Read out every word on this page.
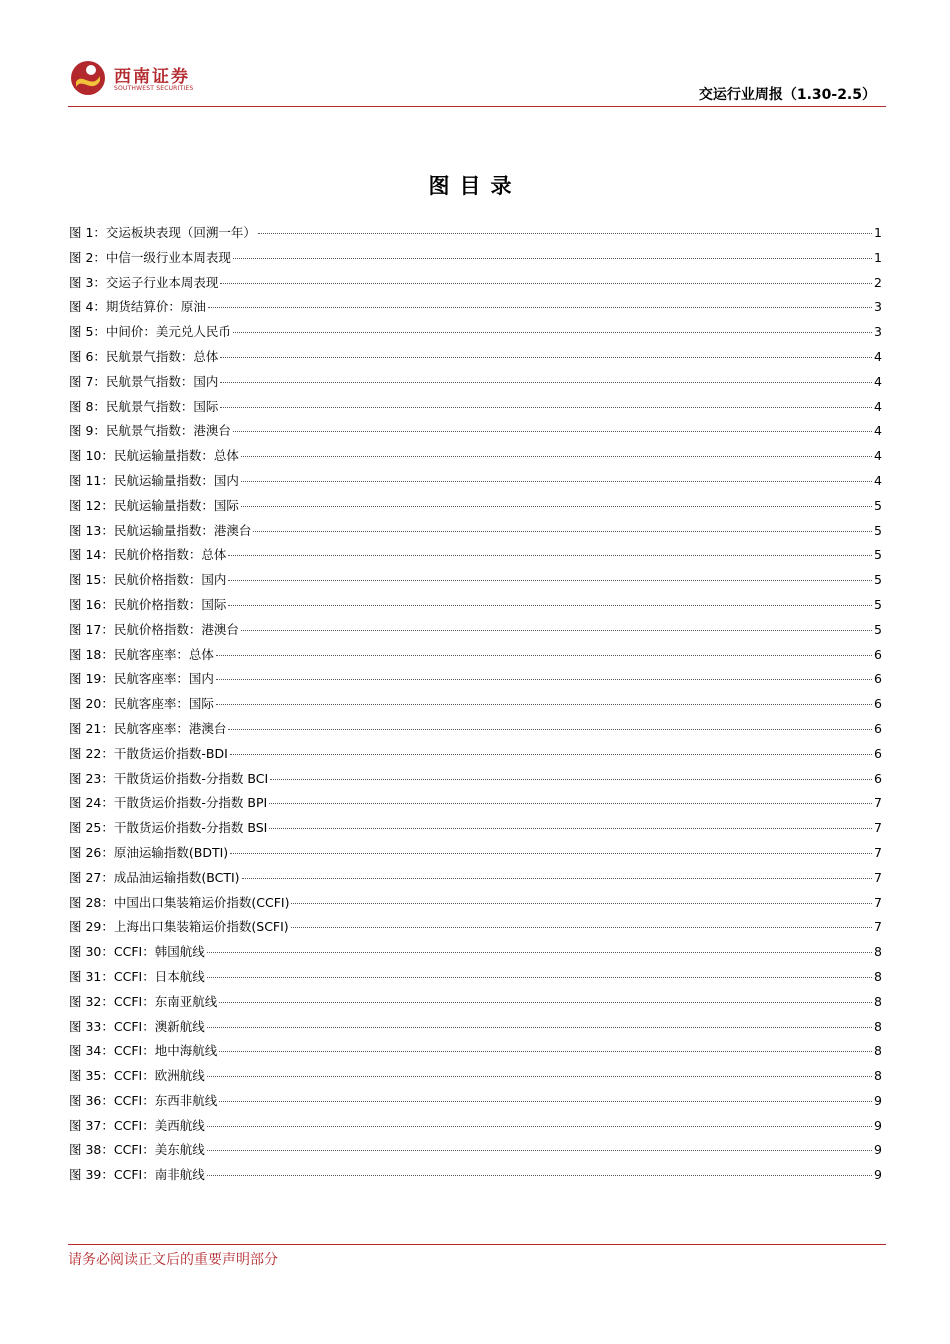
西南证券
SOUTHWEST SECURITIES	交运行业周报（1.30-2.5）
图目录
图 1：交运板块表现（回溯一年）	1
图 2：中信一级行业本周表现	1
图 3：交运子行业本周表现	2
图 4：期货结算价：原油	3
图 5：中间价：美元兑人民币	3
图 6：民航景气指数：总体	4
图 7：民航景气指数：国内	4
图 8：民航景气指数：国际	4
图 9：民航景气指数：港澳台	4
图 10：民航运输量指数：总体	4
图 11：民航运输量指数：国内	4
图 12：民航运输量指数：国际	5
图 13：民航运输量指数：港澳台	5
图 14：民航价格指数：总体	5
图 15：民航价格指数：国内	5
图 16：民航价格指数：国际	5
图 17：民航价格指数：港澳台	5
图 18：民航客座率：总体	6
图 19：民航客座率：国内	6
图 20：民航客座率：国际	6
图 21：民航客座率：港澳台	6
图 22：干散货运价指数-BDI	6
图 23：干散货运价指数-分指数 BCI	6
图 24：干散货运价指数-分指数 BPI	7
图 25：干散货运价指数-分指数 BSI	7
图 26：原油运输指数(BDTI)	7
图 27：成品油运输指数(BCTI)	7
图 28：中国出口集装箱运价指数(CCFI)	7
图 29：上海出口集装箱运价指数(SCFI)	7
图 30：CCFI：韩国航线	8
图 31：CCFI：日本航线	8
图 32：CCFI：东南亚航线	8
图 33：CCFI：澳新航线	8
图 34：CCFI：地中海航线	8
图 35：CCFI：欧洲航线	8
图 36：CCFI：东西非航线	9
图 37：CCFI：美西航线	9
图 38：CCFI：美东航线	9
图 39：CCFI：南非航线	9
请务必阅读正文后的重要声明部分
